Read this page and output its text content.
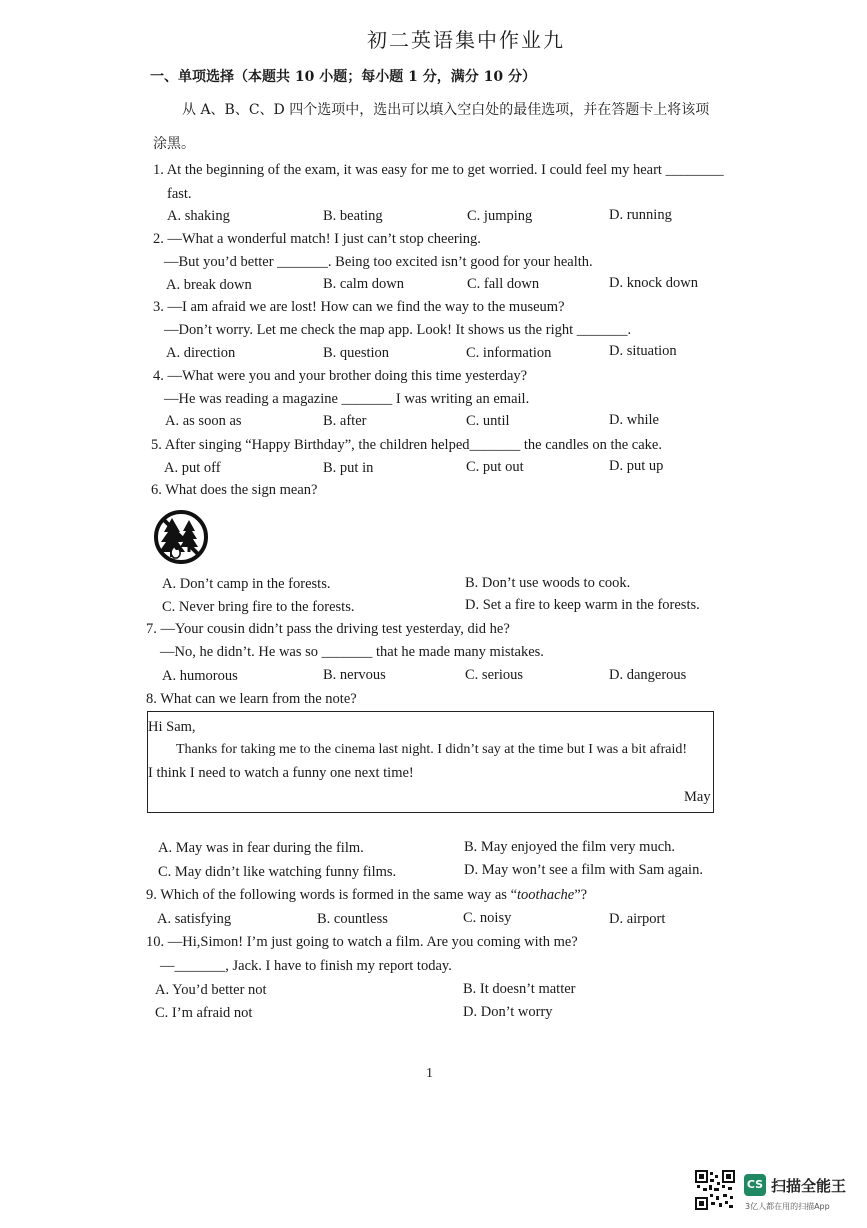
初二英语集中作业九
一、单项选择（本题共 10 小题；每小题 1 分，满分 10 分）
从 A、B、C、D 四个选项中，选出可以填入空白处的最佳选项，并在答题卡上将该项
涂黑。
1. At the beginning of the exam, it was easy for me to get worried. I could feel my heart ________
fast.
A. shaking	B. beating	C. jumping	D. running
2. —What a wonderful match! I just can’t stop cheering.
—But you’d better _______. Being too excited isn’t good for your health.
A. break down	B. calm down	C. fall down	D. knock down
3. —I am afraid we are lost! How can we find the way to the museum?
—Don’t worry. Let me check the map app. Look! It shows us the right _______.
A. direction	B. question	C. information	D. situation
4. —What were you and your brother doing this time yesterday?
—He was reading a magazine _______ I was writing an email.
A. as soon as	B. after	C. until	D. while
5. After singing “Happy Birthday”, the children helped_______ the candles on the cake.
A. put off	B. put in	C. put out	D. put up
6. What does the sign mean?
A. Don’t camp in the forests.	B. Don’t use woods to cook.
C. Never bring fire to the forests.	D. Set a fire to keep warm in the forests.
7. —Your cousin didn’t pass the driving test yesterday, did he?
—No, he didn’t. He was so _______ that he made many mistakes.
A. humorous	B. nervous	C. serious	D. dangerous
8. What can we learn from the note?
Hi Sam,
Thanks for taking me to the cinema last night. I didn’t say at the time but I was a bit afraid!
I think I need to watch a funny one next time!
May
A. May was in fear during the film.	B. May enjoyed the film very much.
C. May didn’t like watching funny films.	D. May won’t see a film with Sam again.
9. Which of the following words is formed in the same way as “toothache”?
A. satisfying	B. countless	C. noisy	D. airport
10. —Hi,Simon! I’m just going to watch a film. Are you coming with me?
—_______, Jack. I have to finish my report today.
A. You’d better not	B. It doesn’t matter
C. I’m afraid not	D. Don’t worry
1
CS 扫描全能王
3亿人都在用的扫描App
